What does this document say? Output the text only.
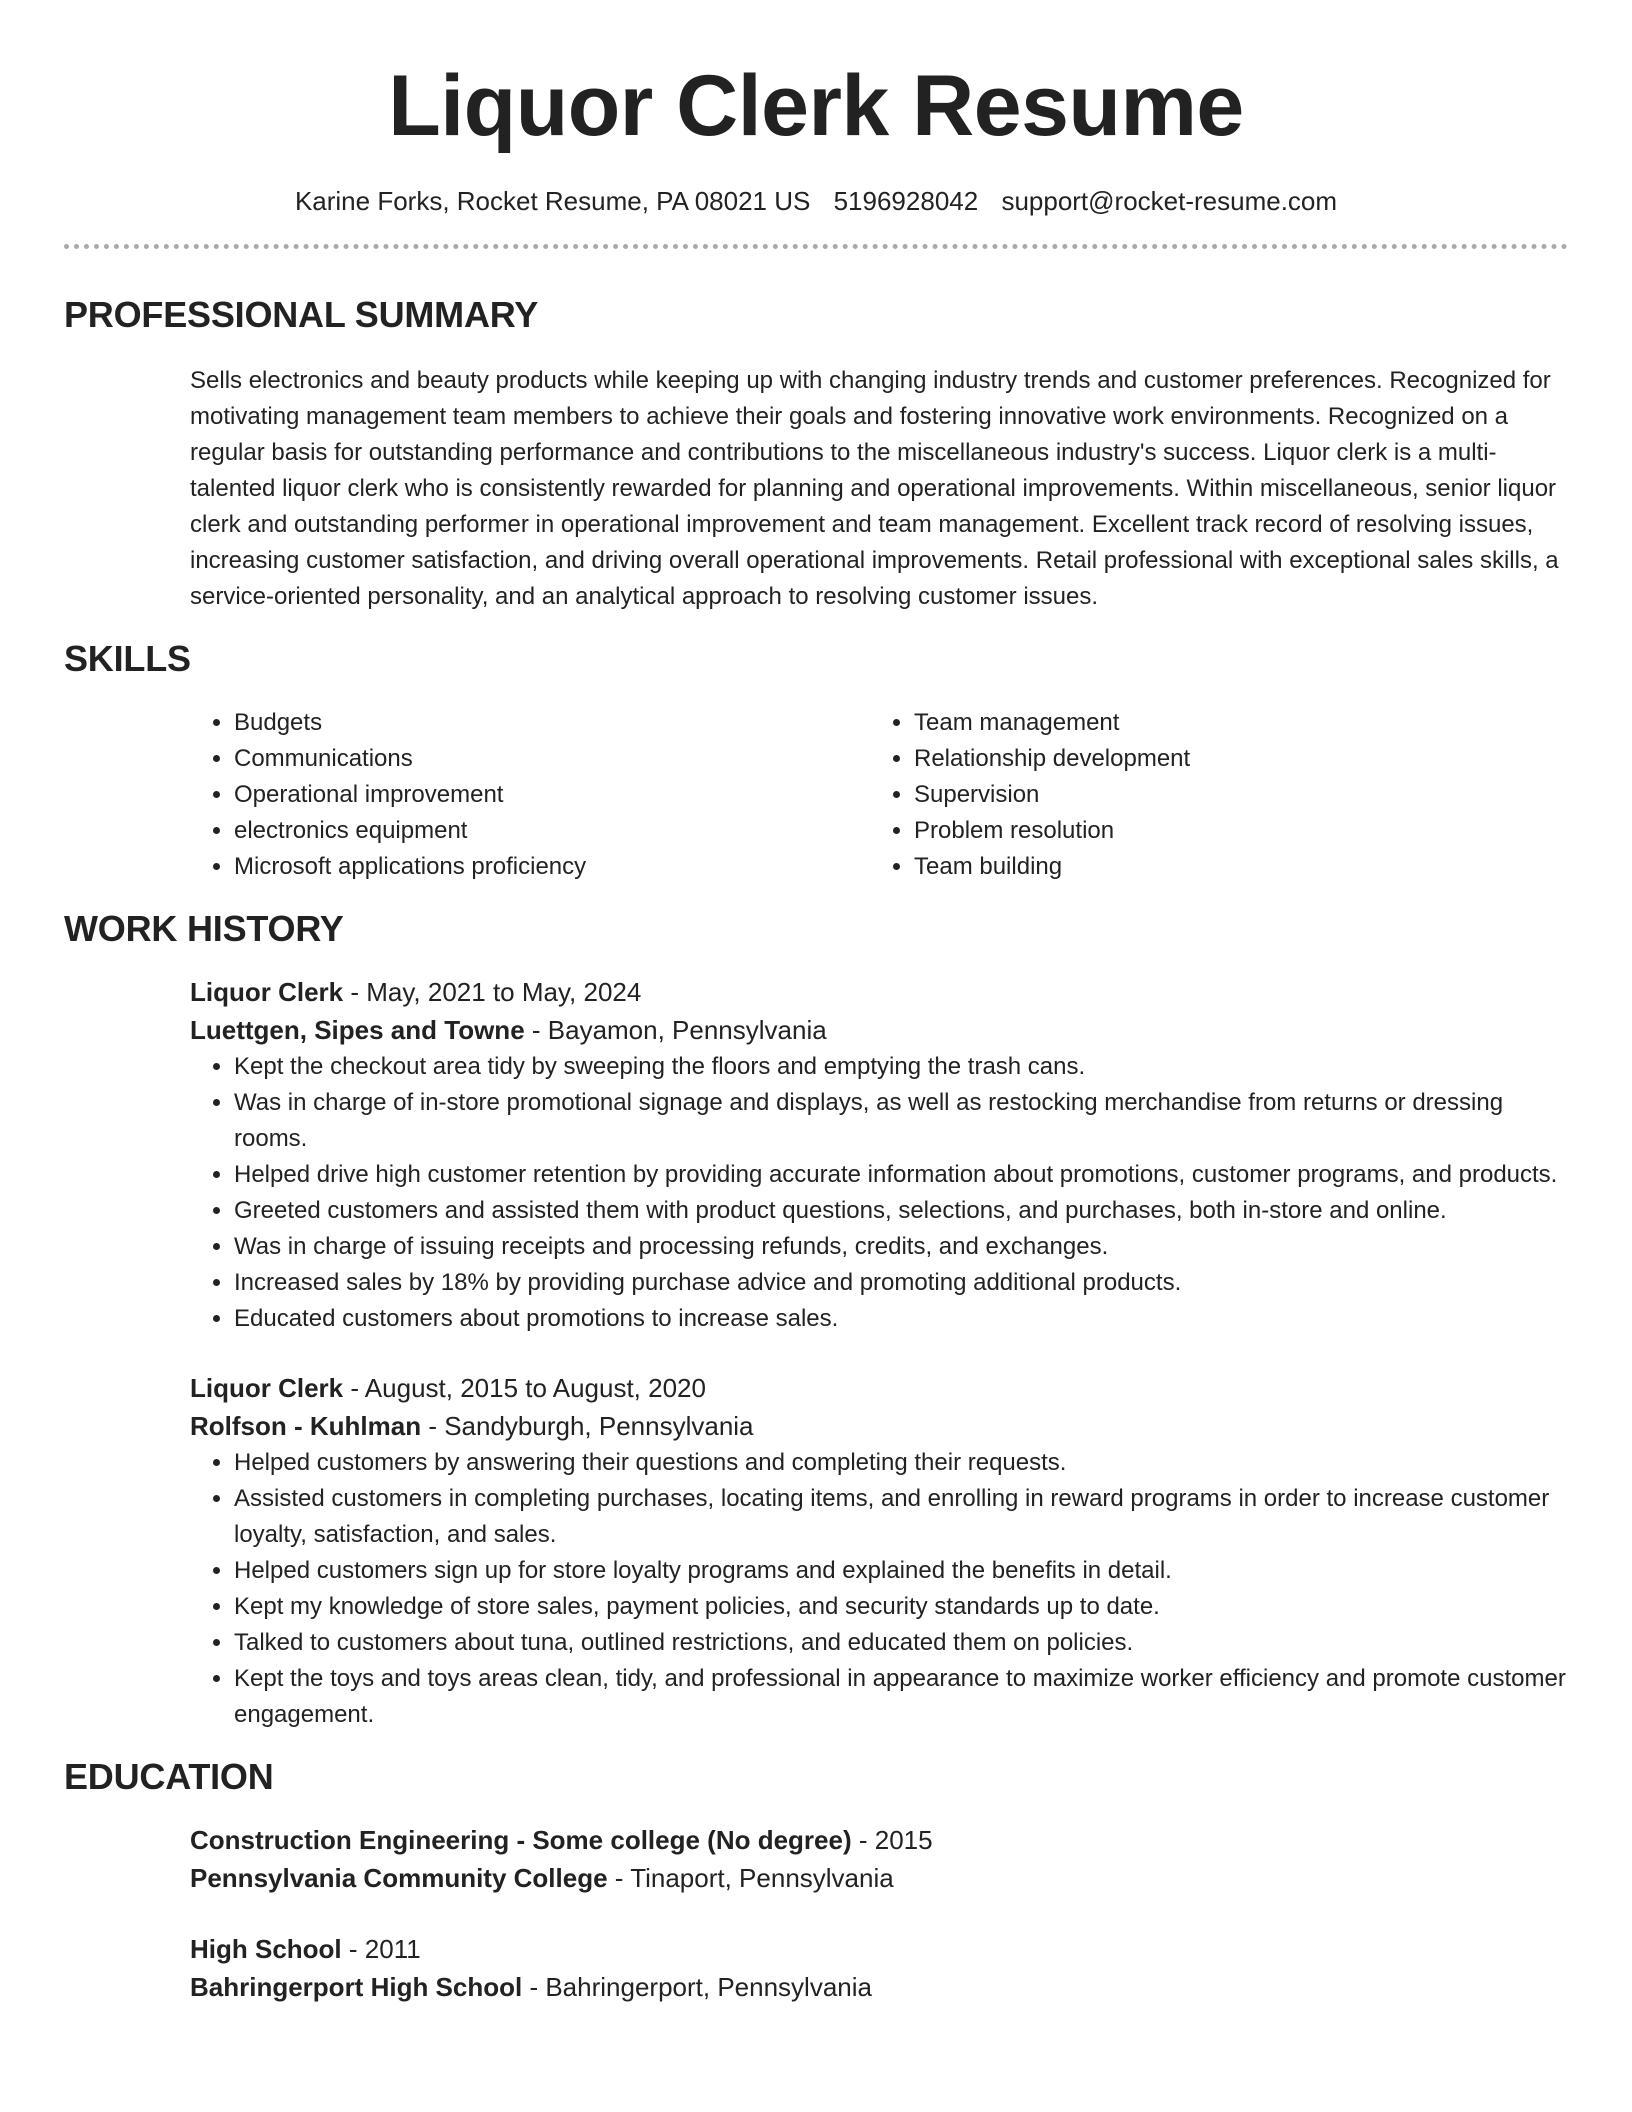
Liquor Clerk Resume
Karine Forks, Rocket Resume, PA 08021 US 5196928042 support@rocket-resume.com
PROFESSIONAL SUMMARY

Sells electronics and beauty products while keeping up with changing industry trends and customer preferences. Recognized for motivating management team members to achieve their goals and fostering innovative work environments. Recognized on a regular basis for outstanding performance and contributions to the miscellaneous industry's success. Liquor clerk is a multi-talented liquor clerk who is consistently rewarded for planning and operational improvements. Within miscellaneous, senior liquor clerk and outstanding performer in operational improvement and team management. Excellent track record of resolving issues, increasing customer satisfaction, and driving overall operational improvements. Retail professional with exceptional sales skills, a service-oriented personality, and an analytical approach to resolving customer issues.

SKILLS
• Budgets
• Communications
• Operational improvement
• electronics equipment
• Microsoft applications proficiency
• Team management
• Relationship development
• Supervision
• Problem resolution
• Team building
WORK HISTORY
Liquor Clerk - May, 2021 to May, 2024
Luettgen, Sipes and Towne - Bayamon, Pennsylvania
• Kept the checkout area tidy by sweeping the floors and emptying the trash cans.
• Was in charge of in-store promotional signage and displays, as well as restocking merchandise from returns or dressing rooms.
• Helped drive high customer retention by providing accurate information about promotions, customer programs, and products.
• Greeted customers and assisted them with product questions, selections, and purchases, both in-store and online.
• Was in charge of issuing receipts and processing refunds, credits, and exchanges.
• Increased sales by 18% by providing purchase advice and promoting additional products.
• Educated customers about promotions to increase sales.
Liquor Clerk - August, 2015 to August, 2020
Rolfson - Kuhlman - Sandyburgh, Pennsylvania
• Helped customers by answering their questions and completing their requests.
• Assisted customers in completing purchases, locating items, and enrolling in reward programs in order to increase customer loyalty, satisfaction, and sales.
• Helped customers sign up for store loyalty programs and explained the benefits in detail.
• Kept my knowledge of store sales, payment policies, and security standards up to date.
• Talked to customers about tuna, outlined restrictions, and educated them on policies.
• Kept the toys and toys areas clean, tidy, and professional in appearance to maximize worker efficiency and promote customer engagement.
EDUCATION
Construction Engineering - Some college (No degree) - 2015
Pennsylvania Community College - Tinaport, Pennsylvania
High School - 2011
Bahringerport High School - Bahringerport, Pennsylvania
